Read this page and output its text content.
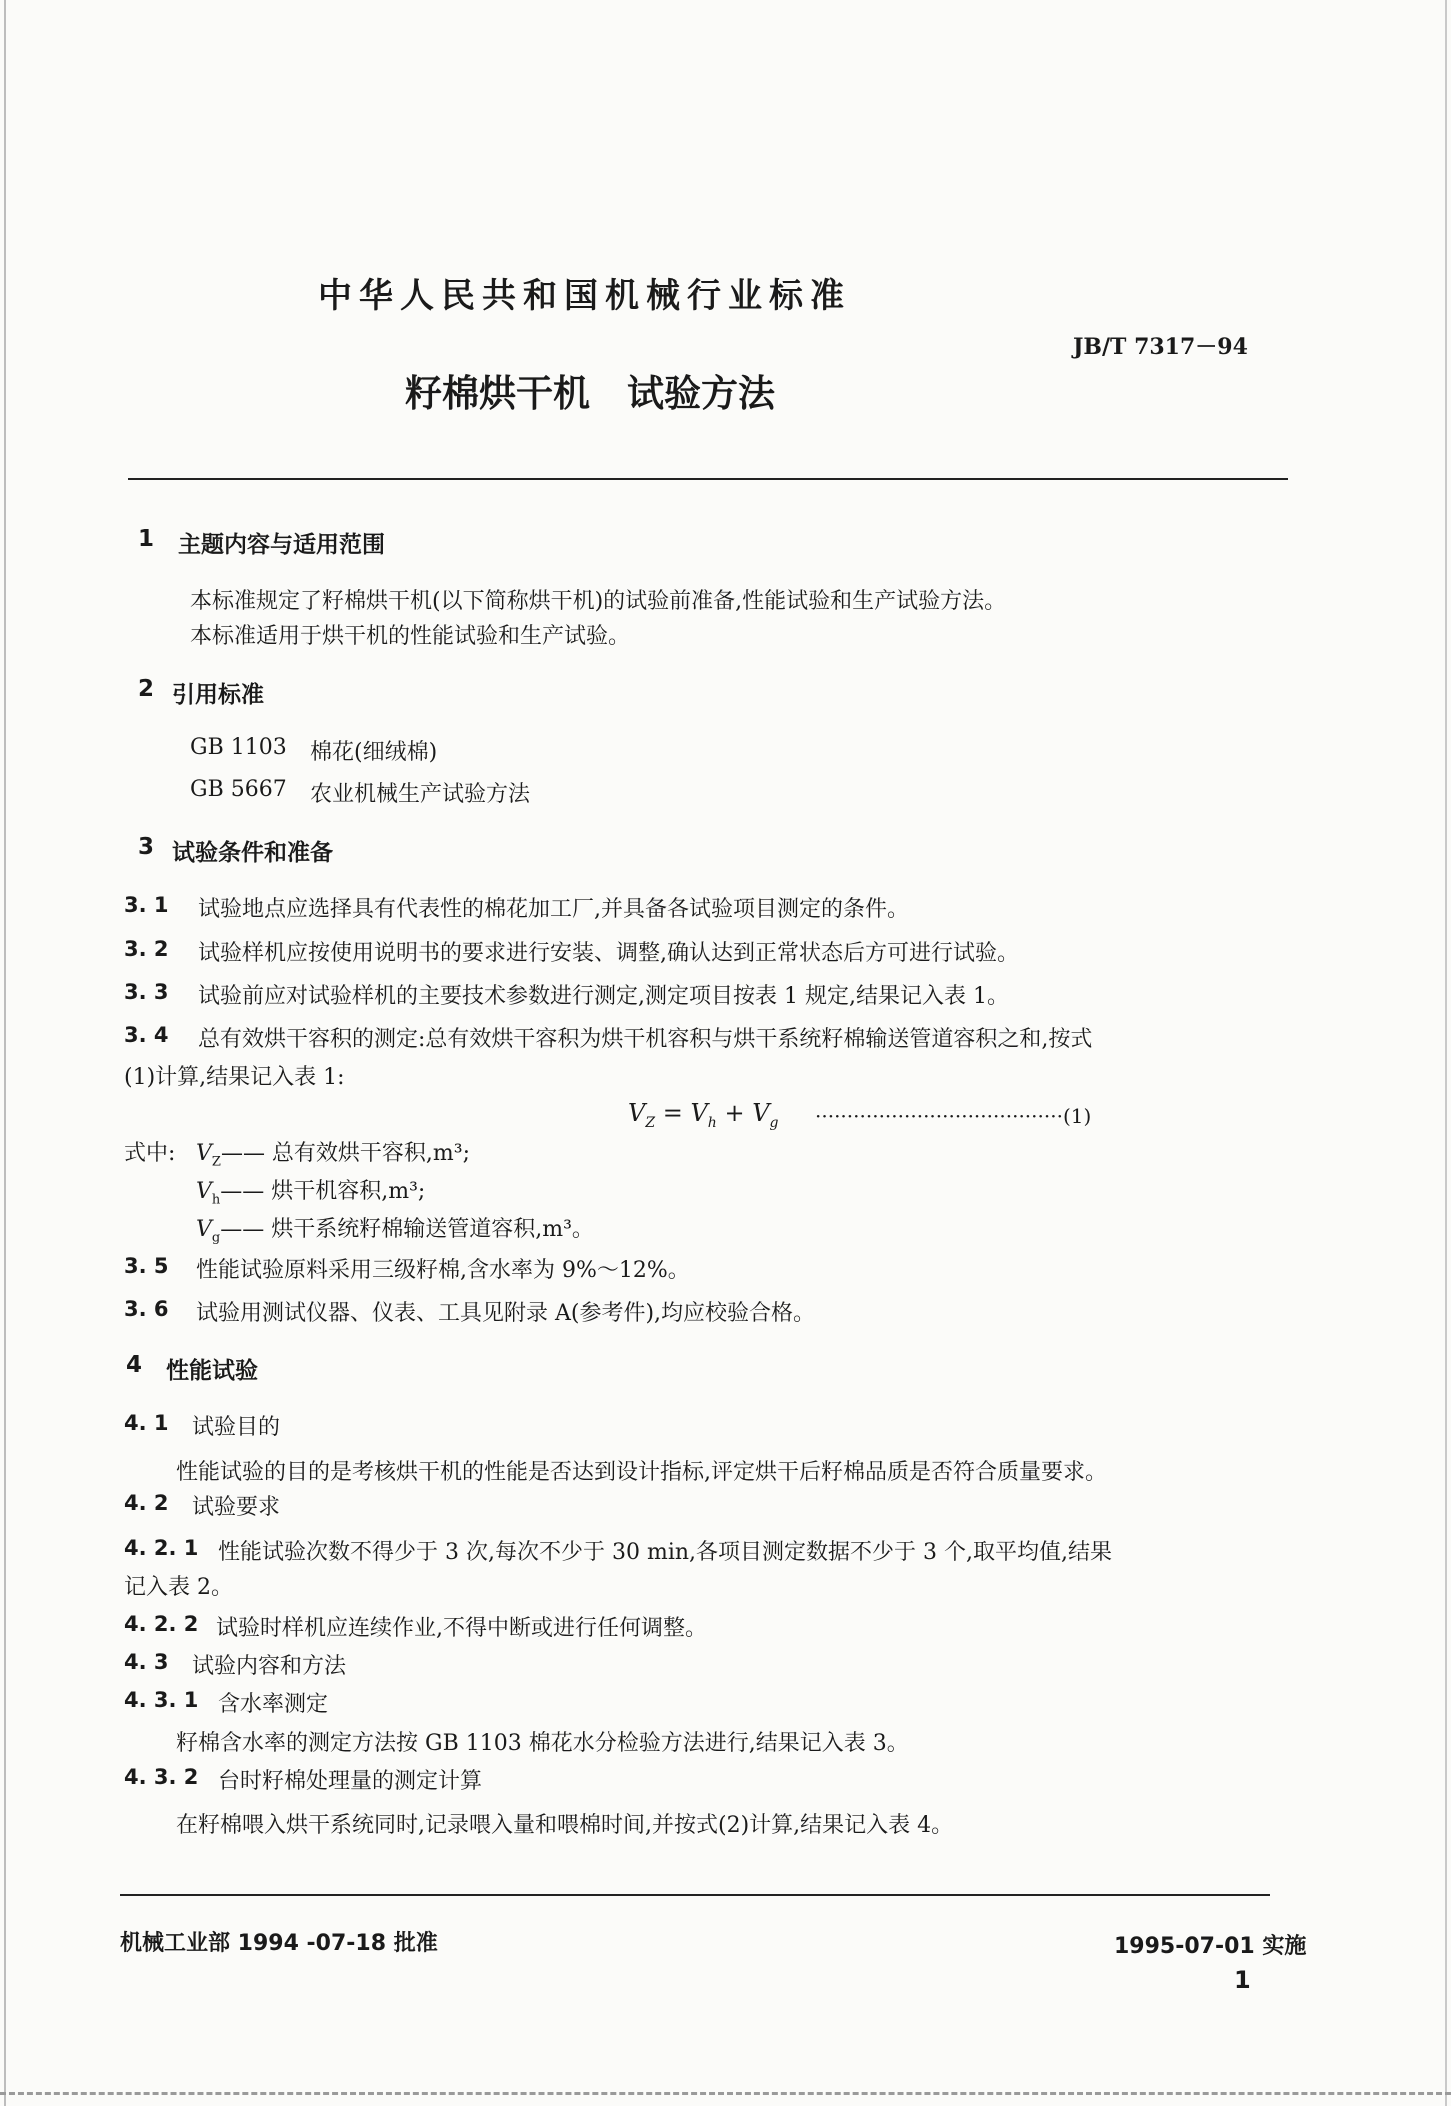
中华人民共和国机械行业标准
JB/T 7317－94
籽棉烘干机　试验方法
1 主题内容与适用范围
本标准规定了籽棉烘干机(以下简称烘干机)的试验前准备,性能试验和生产试验方法。
本标准适用于烘干机的性能试验和生产试验。
2 引用标准
GB 1103 棉花(细绒棉)
GB 5667 农业机械生产试验方法
3 试验条件和准备
3. 1 试验地点应选择具有代表性的棉花加工厂,并具备各试验项目测定的条件。
3. 2 试验样机应按使用说明书的要求进行安装、调整,确认达到正常状态后方可进行试验。
3. 3 试验前应对试验样机的主要技术参数进行测定,测定项目按表 1 规定,结果记入表 1。
3. 4 总有效烘干容积的测定:总有效烘干容积为烘干机容积与烘干系统籽棉输送管道容积之和,按式
(1)计算,结果记入表 1:
$V_Z = V_h + V_g \cdot\cdot\cdot\cdot\cdot\cdot\cdot\cdot\cdot\cdot\cdot\cdot\cdot\cdot\cdot\cdot\cdot\cdot\cdot\cdot\cdot\cdot\cdot\cdot\cdot\cdot\cdot\cdot\cdot\cdot\cdot\cdot\cdot\cdot\cdot\cdot\cdot\cdot\cdot(1)$
式中: $V_Z——$ 总有效烘干容积,m³;
$V_h——$ 烘干机容积,m³;
$V_g——$ 烘干系统籽棉输送管道容积,m³。
3. 5 性能试验原料采用三级籽棉,含水率为 9%～12%。
3. 6 试验用测试仪器、仪表、工具见附录 A(参考件),均应校验合格。
4 性能试验
4. 1 试验目的
性能试验的目的是考核烘干机的性能是否达到设计指标,评定烘干后籽棉品质是否符合质量要求。
4. 2 试验要求
4. 2. 1 性能试验次数不得少于 3 次,每次不少于 30 min,各项目测定数据不少于 3 个,取平均值,结果
记入表 2。
4. 2. 2 试验时样机应连续作业,不得中断或进行任何调整。
4. 3 试验内容和方法
4. 3. 1 含水率测定
籽棉含水率的测定方法按 GB 1103 棉花水分检验方法进行,结果记入表 3。
4. 3. 2 台时籽棉处理量的测定计算
在籽棉喂入烘干系统同时,记录喂入量和喂棉时间,并按式(2)计算,结果记入表 4。
机械工业部 1994 -07-18 批准	1995-07-01 实施
1
